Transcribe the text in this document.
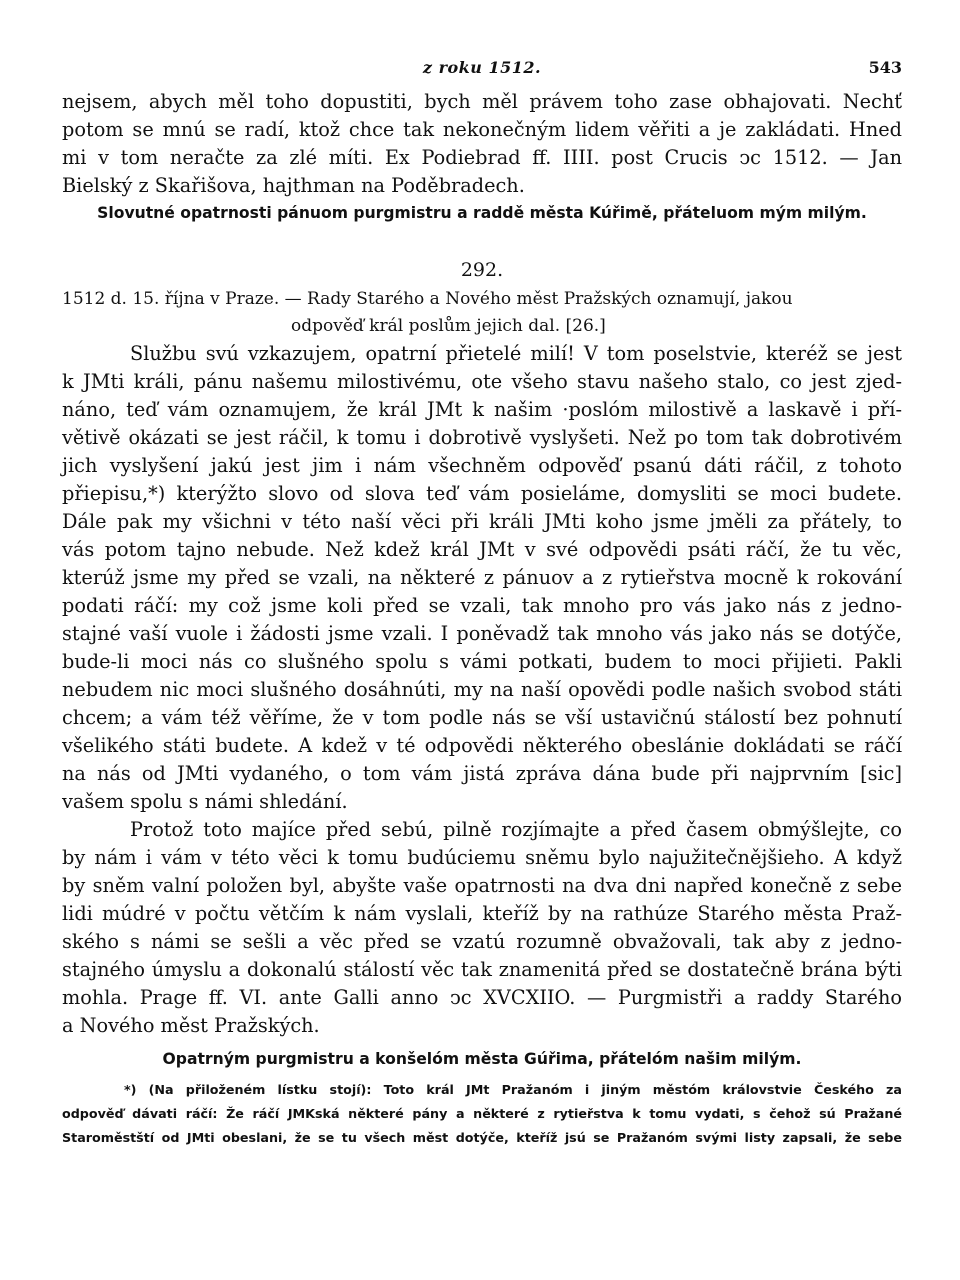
z roku 1512.	543
nejsem, abych měl toho dopustiti, bych měl právem toho zase obhajovati. Nechť
potom se mnú se radí, ktož chce tak nekonečným lidem věřiti a je zakládati. Hned
mi v tom neračte za zlé míti. Ex Podiebrad ff. IIII. post Crucis ↄc 1512. — Jan
Bielský z Skařišova, hajthman na Poděbradech.

Slovutné opatrnosti pánuom purgmistru a raddě města Kúřimě, přáteluom mým milým.

292.
1512 d. 15. října v Praze. — Rady Starého a Nového měst Pražských oznamují, jakou
odpověď král poslům jejich dal. [26.]
Službu svú vzkazujem, opatrní přietelé milí! V tom poselstvie, kteréž se jest
k JMti králi, pánu našemu milostivému, ote všeho stavu našeho stalo, co jest zjed-
náno, teď vám oznamujem, že král JMt k našim ·poslóm milostivě a laskavě i pří-
větivě okázati se jest ráčil, k tomu i dobrotivě vyslyšeti. Než po tom tak dobrotivém
jich vyslyšení jakú jest jim i nám všechněm odpověď psanú dáti ráčil, z tohoto
přiepisu,*) kterýžto slovo od slova teď vám posieláme, domysliti se moci budete.
Dále pak my všichni v této naší věci při králi JMti koho jsme jměli za přátely, to
vás potom tajno nebude. Než kdež král JMt v své odpovědi psáti ráčí, že tu věc,
kterúž jsme my před se vzali, na některé z pánuov a z rytieřstva mocně k rokování
podati ráčí: my což jsme koli před se vzali, tak mnoho pro vás jako nás z jedno-
stajné vaší vuole i žádosti jsme vzali. I poněvadž tak mnoho vás jako nás se dotýče,
bude-li moci nás co slušného spolu s vámi potkati, budem to moci přijieti. Pakli
nebudem nic moci slušného dosáhnúti, my na naší opovědi podle našich svobod státi
chcem; a vám též věříme, že v tom podle nás se vší ustavičnú stálostí bez pohnutí
všelikého státi budete. A kdež v té odpovědi některého obeslánie dokládati se ráčí
na nás od JMti vydaného, o tom vám jistá zpráva dána bude při najprvním [sic]
vašem spolu s námi shledání.
Protož toto majíce před sebú, pilně rozjímajte a před časem obmýšlejte, co
by nám i vám v této věci k tomu budúciemu sněmu bylo najužitečnějšieho. A když
by sněm valní položen byl, abyšte vaše opatrnosti na dva dni napřed konečně z sebe
lidi múdré v počtu větčím k nám vyslali, kteříž by na rathúze Starého města Praž-
ského s námi se sešli a věc před se vzatú rozumně obvažovali, tak aby z jedno-
stajného úmyslu a dokonalú stálostí věc tak znamenitá před se dostatečně brána býti
mohla. Prage ff. VI. ante Galli anno ↄc XVCXIIO. — Purgmistři a raddy Starého
a Nového měst Pražských.

Opatrným purgmistru a konšelóm města Gúřima, přátelóm našim milým.

*) (Na přiloženém lístku stojí): Toto král JMt Pražanóm i jiným městóm královstvie Českého za
odpověď dávati ráčí: Že ráčí JMKská některé pány a některé z rytieřstva k tomu vydati, s čehož sú Pražané
Staroměstští od JMti obeslani, že se tu všech měst dotýče, kteříž jsú se Pražanóm svými listy zapsali, že sebe
